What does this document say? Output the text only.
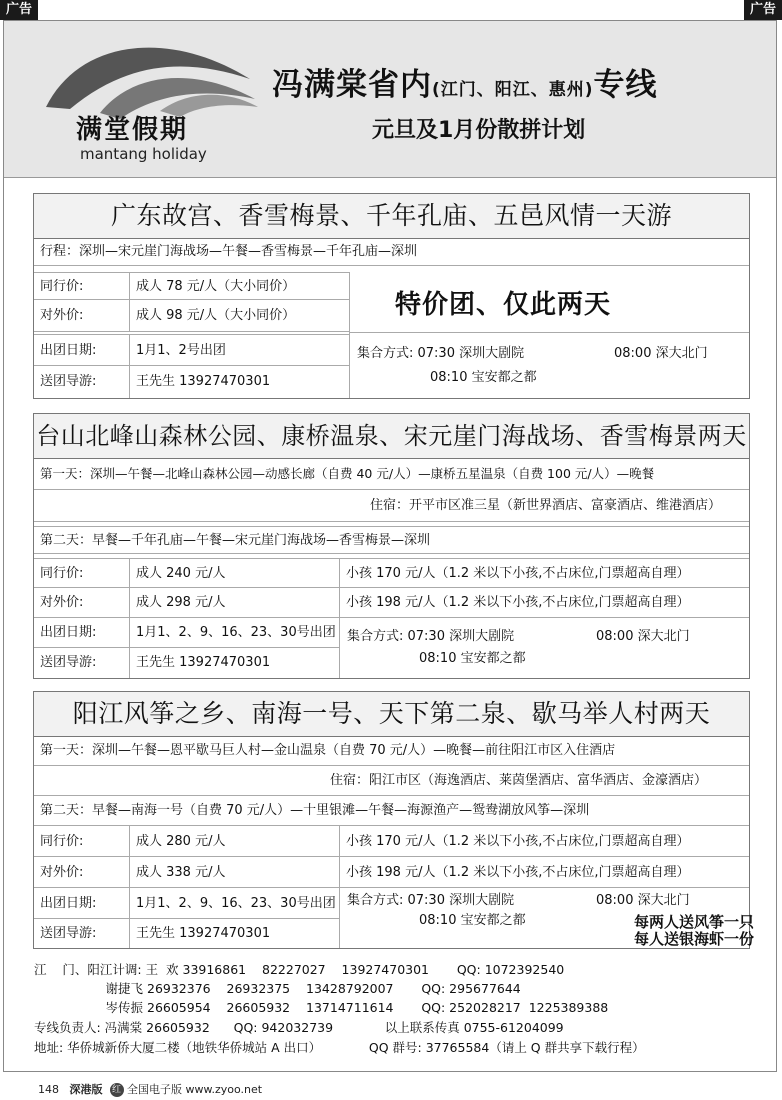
广告	广告
满堂假期
mantang holiday
冯满棠省内(江门、阳江、惠州)专线
元旦及1月份散拼计划
广东故宫、香雪梅景、千年孔庙、五邑风情一天游
行程：深圳—宋元崖门海战场—午餐—香雪梅景—千年孔庙—深圳
同行价:	成人 78 元/人（大小同价）
对外价:	成人 98 元/人（大小同价）
出团日期:	1月1、2号出团
送团导游:	王先生 13927470301
集合方式: 07:30 深圳大剧院	08:00 深大北门
08:10 宝安都之都
特价团、仅此两天
台山北峰山森林公园、康桥温泉、宋元崖门海战场、香雪梅景两天
第一天：深圳—午餐—北峰山森林公园—动感长廊（自费 40 元/人）—康桥五星温泉（自费 100 元/人）—晚餐
住宿：开平市区准三星（新世界酒店、富豪酒店、维港酒店）
第二天：早餐—千年孔庙—午餐—宋元崖门海战场—香雪梅景—深圳
同行价:	成人 240 元/人	小孩 170 元/人（1.2 米以下小孩,不占床位,门票超高自理）
对外价:	成人 298 元/人	小孩 198 元/人（1.2 米以下小孩,不占床位,门票超高自理）
出团日期:	1月1、2、9、16、23、30号出团
送团导游:	王先生 13927470301
集合方式: 07:30 深圳大剧院	08:00 深大北门
08:10 宝安都之都
阳江风筝之乡、南海一号、天下第二泉、歇马举人村两天
第一天：深圳—午餐—恩平歇马巨人村—金山温泉（自费 70 元/人）—晚餐—前往阳江市区入住酒店
住宿：阳江市区（海逸酒店、莱茵堡酒店、富华酒店、金濠酒店）
第二天：早餐—南海一号（自费 70 元/人）—十里银滩—午餐—海源渔产—鸳鸯湖放风筝—深圳
同行价:	成人 280 元/人	小孩 170 元/人（1.2 米以下小孩,不占床位,门票超高自理）
对外价:	成人 338 元/人	小孩 198 元/人（1.2 米以下小孩,不占床位,门票超高自理）
出团日期:	1月1、2、9、16、23、30号出团
送团导游:	王先生 13927470301
集合方式: 07:30 深圳大剧院	08:00 深大北门
08:10 宝安都之都	每两人送风筝一只
每人送银海虾一份
江    门、阳江计调: 王  欢 33916861    82227027    13927470301       QQ: 1072392540
谢捷飞 26932376    26932375    13428792007       QQ: 295677644
岑传振 26605954    26605932    13714711614       QQ: 252028217  1225389388
专线负责人: 冯满棠 26605932      QQ: 942032739             以上联系传真 0755-61204099
地址: 华侨城新侨大厦二楼（地铁华侨城站 A 出口）            QQ 群号: 37765584（请上 Q 群共享下载行程）
148 深港版 红 全国电子版 www.zyoo.net
